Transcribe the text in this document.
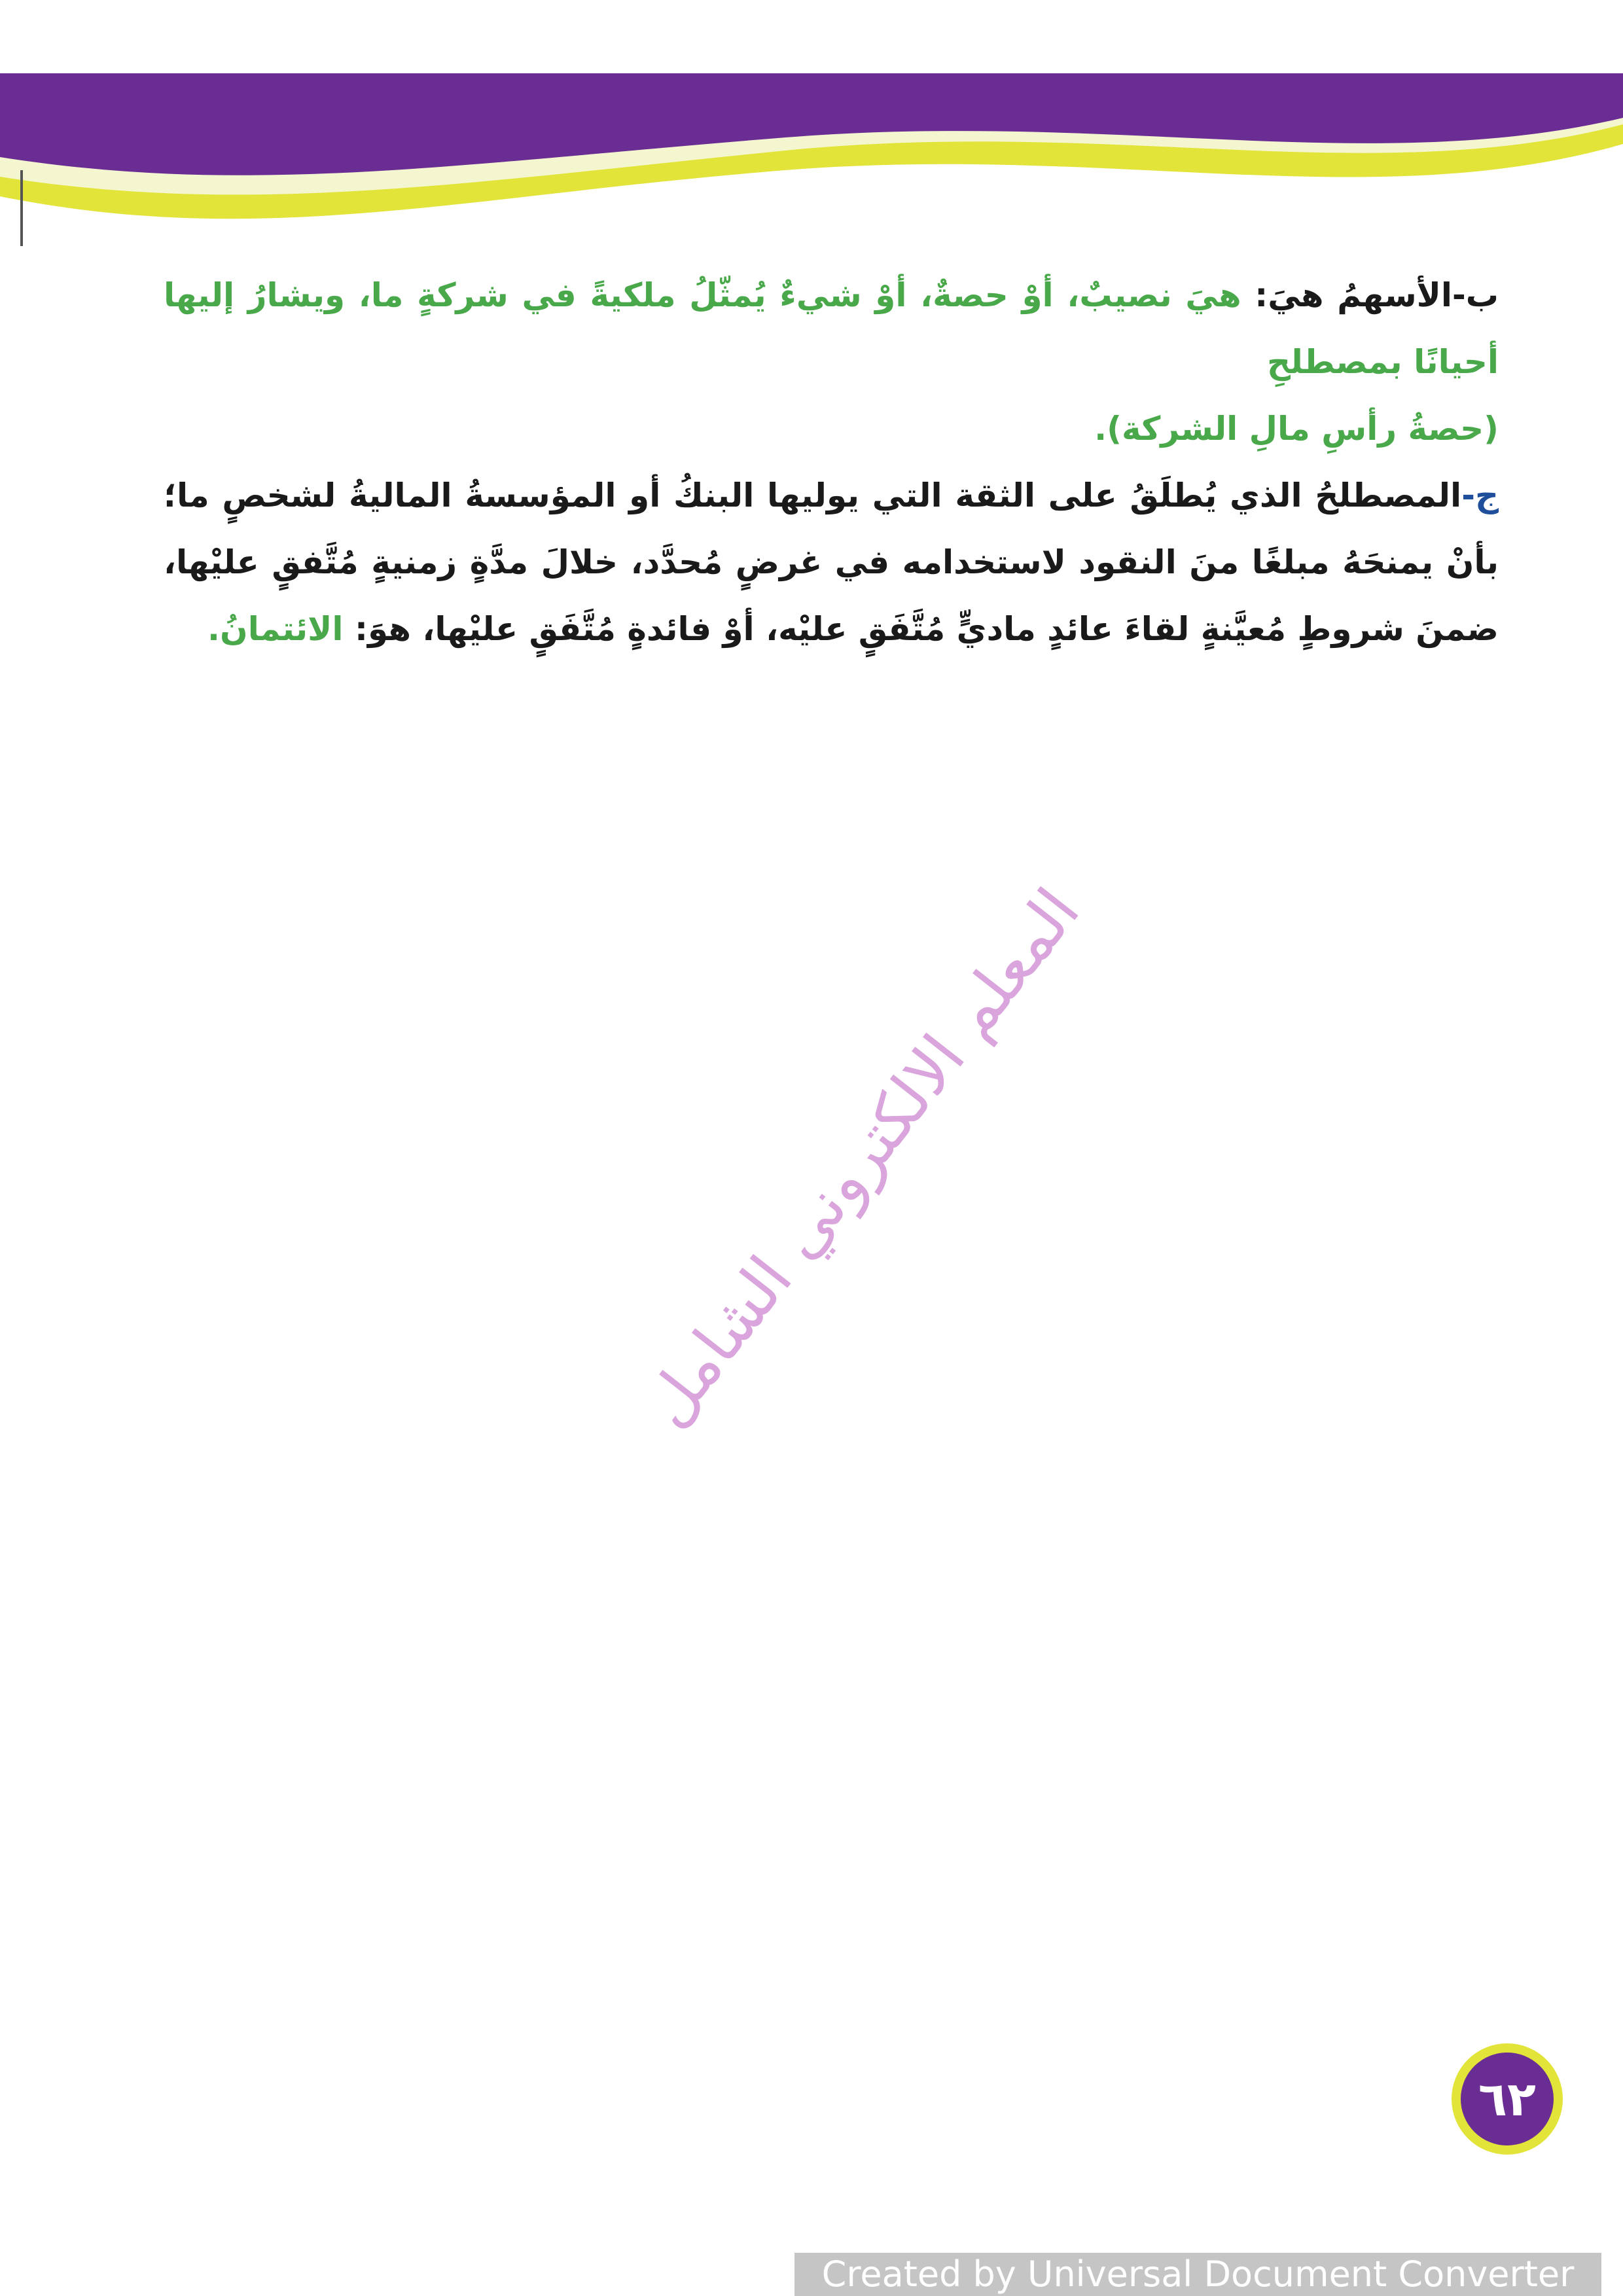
ب-الأسهمُ هيَ: هيَ نصيبٌ، أوْ حصةٌ، أوْ شيءٌ يُمثّلُ ملكيةً في شركةٍ ما، ويشارُ إليها أحيانًا بمصطلحِ
(حصةُ رأسِ مالِ الشركة).

ج-المصطلحُ الذي يُطلَقُ على الثقة التي يوليها البنكُ أو المؤسسةُ الماليةُ لشخصٍ ما؛ بأنْ يمنحَهُ مبلغًا منَ النقود لاستخدامه في غرضٍ مُحدَّد، خلالَ مدَّةٍ زمنيةٍ مُتَّفقٍ عليْها، ضمنَ شروطٍ مُعيَّنةٍ لقاءَ عائدٍ ماديٍّ مُتَّفَقٍ عليْه، أوْ فائدةٍ مُتَّفَقٍ عليْها، هوَ: الائتمانُ.

المعلم الالكتروني الشامل
٦٢
Created by Universal Document Converter
